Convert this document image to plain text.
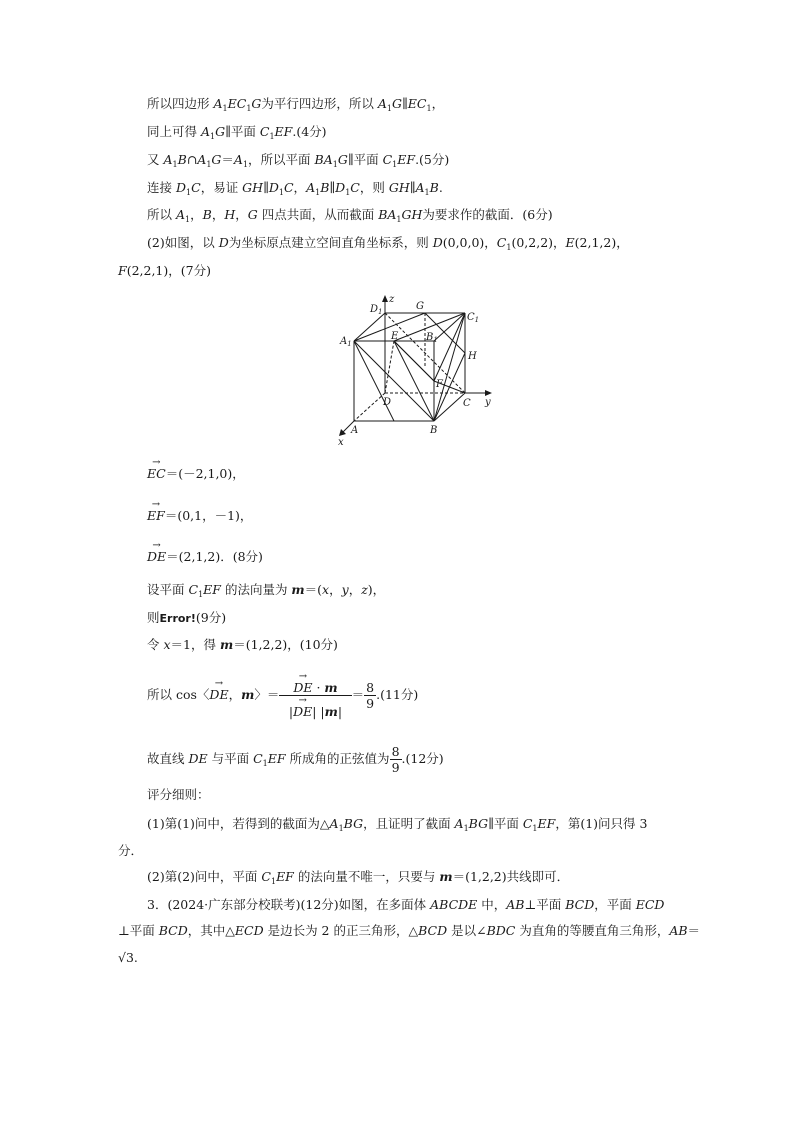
所以四边形 $A_1EC_1G$为平行四边形，所以 $A_1G\parallel EC_1$，
同上可得 $A_1G\parallel$平面 $C_1EF.(4$分)
又 $A_1B\cap A_1G=A_1$，所以平面 $BA_1G\parallel$平面 $C_1EF.(5$分)
连接 $D_1C$，易证 $GH\parallel D_1C$，$A_1B\parallel D_1C$，则 $GH\parallel A_1B$.
所以 $A_1$，B，H，G 四点共面，从而截面 $BA_1GH$为要求作的截面．(6分)
(2)如图，以 D为坐标原点建立空间直角坐标系，则 D(0,0,0)，$C_1(0,2,2)$，E(2,1,2)，
F(2,2,1)，(7分)
$D_1$	G
$C_1$
$A_1$
E	$B_1$
H
F
D	C
A	B
x
y
z
→ EC＝(－2,1,0)，
→ EF＝(0,1，－1)，
→ DE＝(2,1,2)．(8分)
设平面 $C_1EF$ 的法向量为 m＝(x，y，z)，
则Error!(9分)
令 x＝1，得 m＝(1,2,2)，(10分)
所以 cos〈→ DE，m〉＝
→ $\frac{DE \cdot m}{|\to DE| |m|} = \frac{8}{9} .(11$分)
故直线 DE 与平面 $C_1EF$ 所成角的正弦值为 $\frac{8}{9} .(12$分)
评分细则：
(1)第(1)问中，若得到的截面为$\triangle A_1BG$，且证明了截面 $A_1BG\parallel$平面 $C_1EF$，第(1)问只得 3
分．
(2)第(2)问中，平面 $C_1EF$ 的法向量不唯一，只要与 m＝(1,2,2)共线即可．
3．(2024·广东部分校联考)(12分)如图，在多面体 ABCDE 中，AB⊥平面 BCD，平面 ECD
⊥平面 BCD，其中△ECD 是边长为 2 的正三角形，△BCD 是以∠BDC 为直角的等腰直角三角形，AB＝
√3.
